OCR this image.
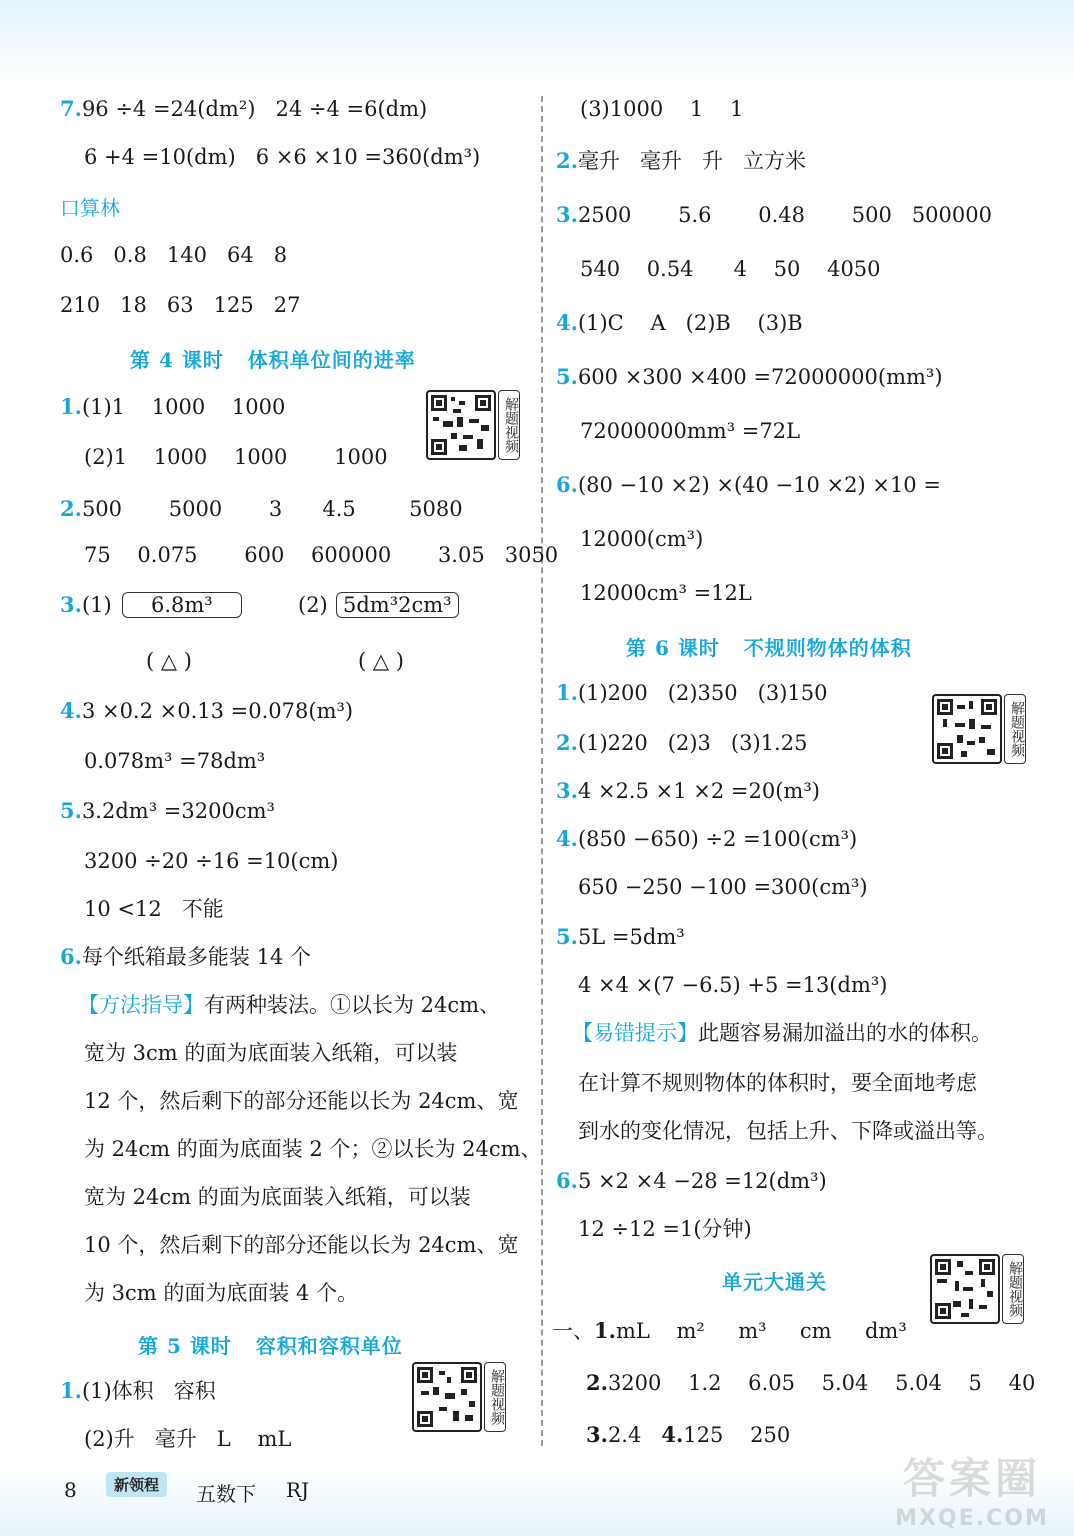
7.96 ÷4 =24(dm²)   24 ÷4 =6(dm)
6 +4 =10(dm)   6 ×6 ×10 =360(dm³)
口算林
0.6   0.8   140   64   8
210   18   63   125   27
第 4 课时   体积单位间的进率
1.(1)1    1000    1000
(2)1    1000    1000       1000
解题视频
2.500       5000       3      4.5        5080
75    0.075       600    600000       3.05   3050
3.(1)	6.8m³	(2) 5dm³2cm³
( △ )	( △ )
4.3 ×0.2 ×0.13 =0.078(m³)
0.078m³ =78dm³
5.3.2dm³ =3200cm³
3200 ÷20 ÷16 =10(cm)
10 <12   不能
6.每个纸箱最多能装 14 个
【方法指导】有两种装法。①以长为 24cm、
宽为 3cm 的面为底面装入纸箱，可以装
12 个，然后剩下的部分还能以长为 24cm、宽
为 24cm 的面为底面装 2 个；②以长为 24cm、
宽为 24cm 的面为底面装入纸箱，可以装
10 个，然后剩下的部分还能以长为 24cm、宽
为 3cm 的面为底面装 4 个。
第 5 课时   容积和容积单位
1.(1)体积   容积
(2)升   毫升   L    mL
解题视频
(3)1000    1    1
2.毫升   毫升   升   立方米
3.2500       5.6       0.48       500   500000
540    0.54      4    50    4050
4.(1)C    A   (2)B    (3)B
5.600 ×300 ×400 =72000000(mm³)
72000000mm³ =72L
6.(80 −10 ×2) ×(40 −10 ×2) ×10 =
12000(cm³)
12000cm³ =12L
第 6 课时   不规则物体的体积
1.(1)200   (2)350   (3)150
2.(1)220   (2)3   (3)1.25	解题视频
3.4 ×2.5 ×1 ×2 =20(m³)
4.(850 −650) ÷2 =100(cm³)
650 −250 −100 =300(cm³)
5.5L =5dm³
4 ×4 ×(7 −6.5) +5 =13(dm³)
【易错提示】此题容易漏加溢出的水的体积。
在计算不规则物体的体积时，要全面地考虑
到水的变化情况，包括上升、下降或溢出等。
6.5 ×2 ×4 −28 =12(dm³)
12 ÷12 =1(分钟)
单元大通关	解题视频
一、1.mL    m²     m³     cm     dm³
2.3200    1.2    6.05    5.04    5.04    5    40
3.2.4 4.125    250
8	新领程	五数下 RJ	答案圈
MXQE.COM
